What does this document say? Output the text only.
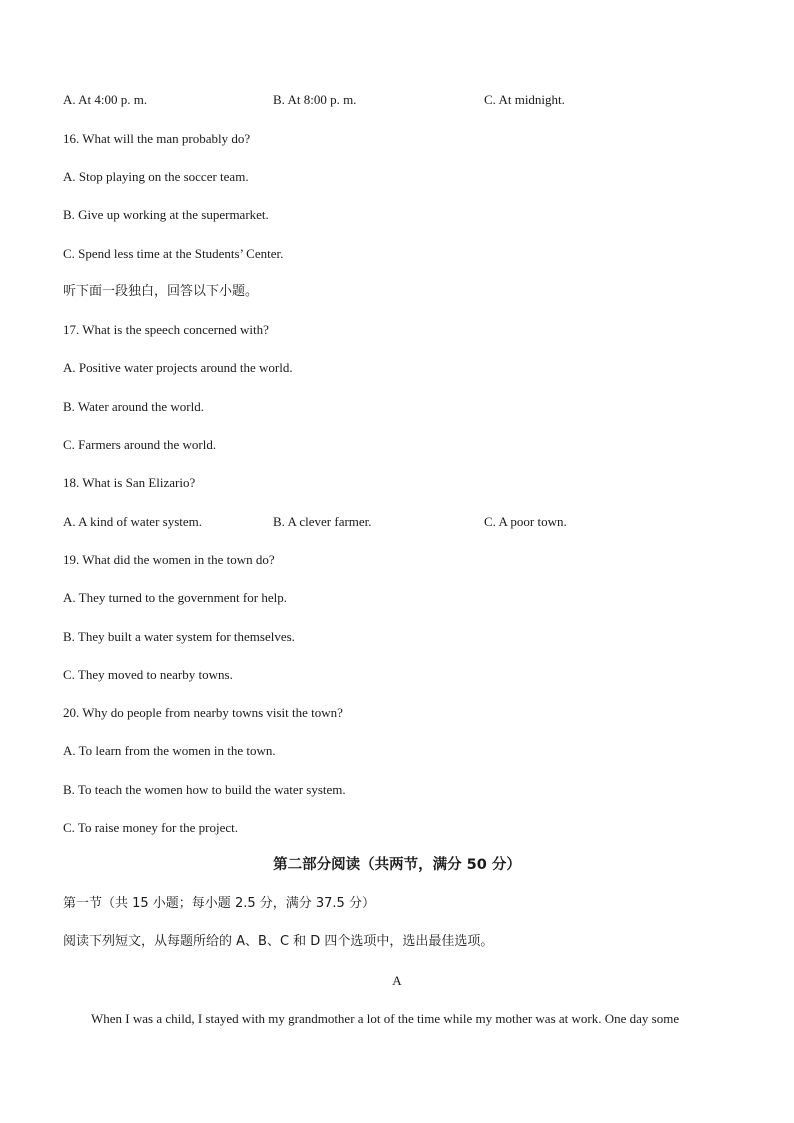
A. At 4:00 p. m.	B. At 8:00 p. m.	C. At midnight.
16. What will the man probably do?
A. Stop playing on the soccer team.
B. Give up working at the supermarket.
C. Spend less time at the Students’ Center.
听下面一段独白，回答以下小题。
17. What is the speech concerned with?
A. Positive water projects around the world.
B. Water around the world.
C. Farmers around the world.
18. What is San Elizario?
A. A kind of water system.	B. A clever farmer.	C. A poor town.
19. What did the women in the town do?
A. They turned to the government for help.
B. They built a water system for themselves.
C. They moved to nearby towns.
20. Why do people from nearby towns visit the town?
A. To learn from the women in the town.
B. To teach the women how to build the water system.
C. To raise money for the project.
第二部分阅读（共两节，满分 50 分）
第一节（共 15 小题；每小题 2.5 分，满分 37.5 分）
阅读下列短文，从每题所给的 A、B、C 和 D 四个选项中，选出最佳选项。
A
When I was a child, I stayed with my grandmother a lot of the time while my mother was at work. One day some
